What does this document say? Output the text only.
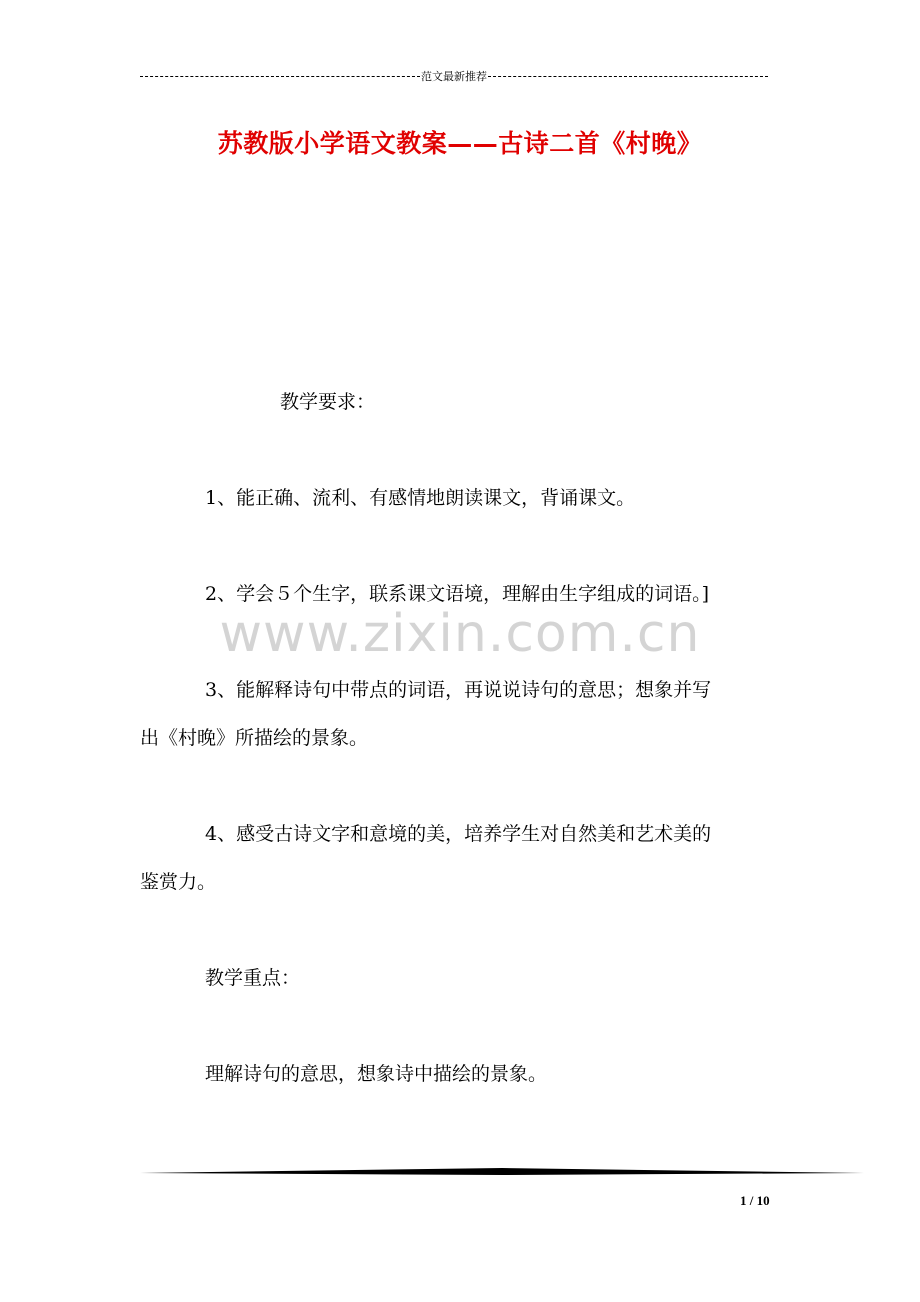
范文最新推荐
苏教版小学语文教案——古诗二首《村晚》
教学要求：
1、能正确、流利、有感情地朗读课文，背诵课文。
2、学会５个生字，联系课文语境，理解由生字组成的词语。]
3、能解释诗句中带点的词语，再说说诗句的意思；想象并写
出《村晚》所描绘的景象。
4、感受古诗文字和意境的美，培养学生对自然美和艺术美的
鉴赏力。
教学重点：
理解诗句的意思，想象诗中描绘的景象。
www.zixin.com.cn
1 / 10
